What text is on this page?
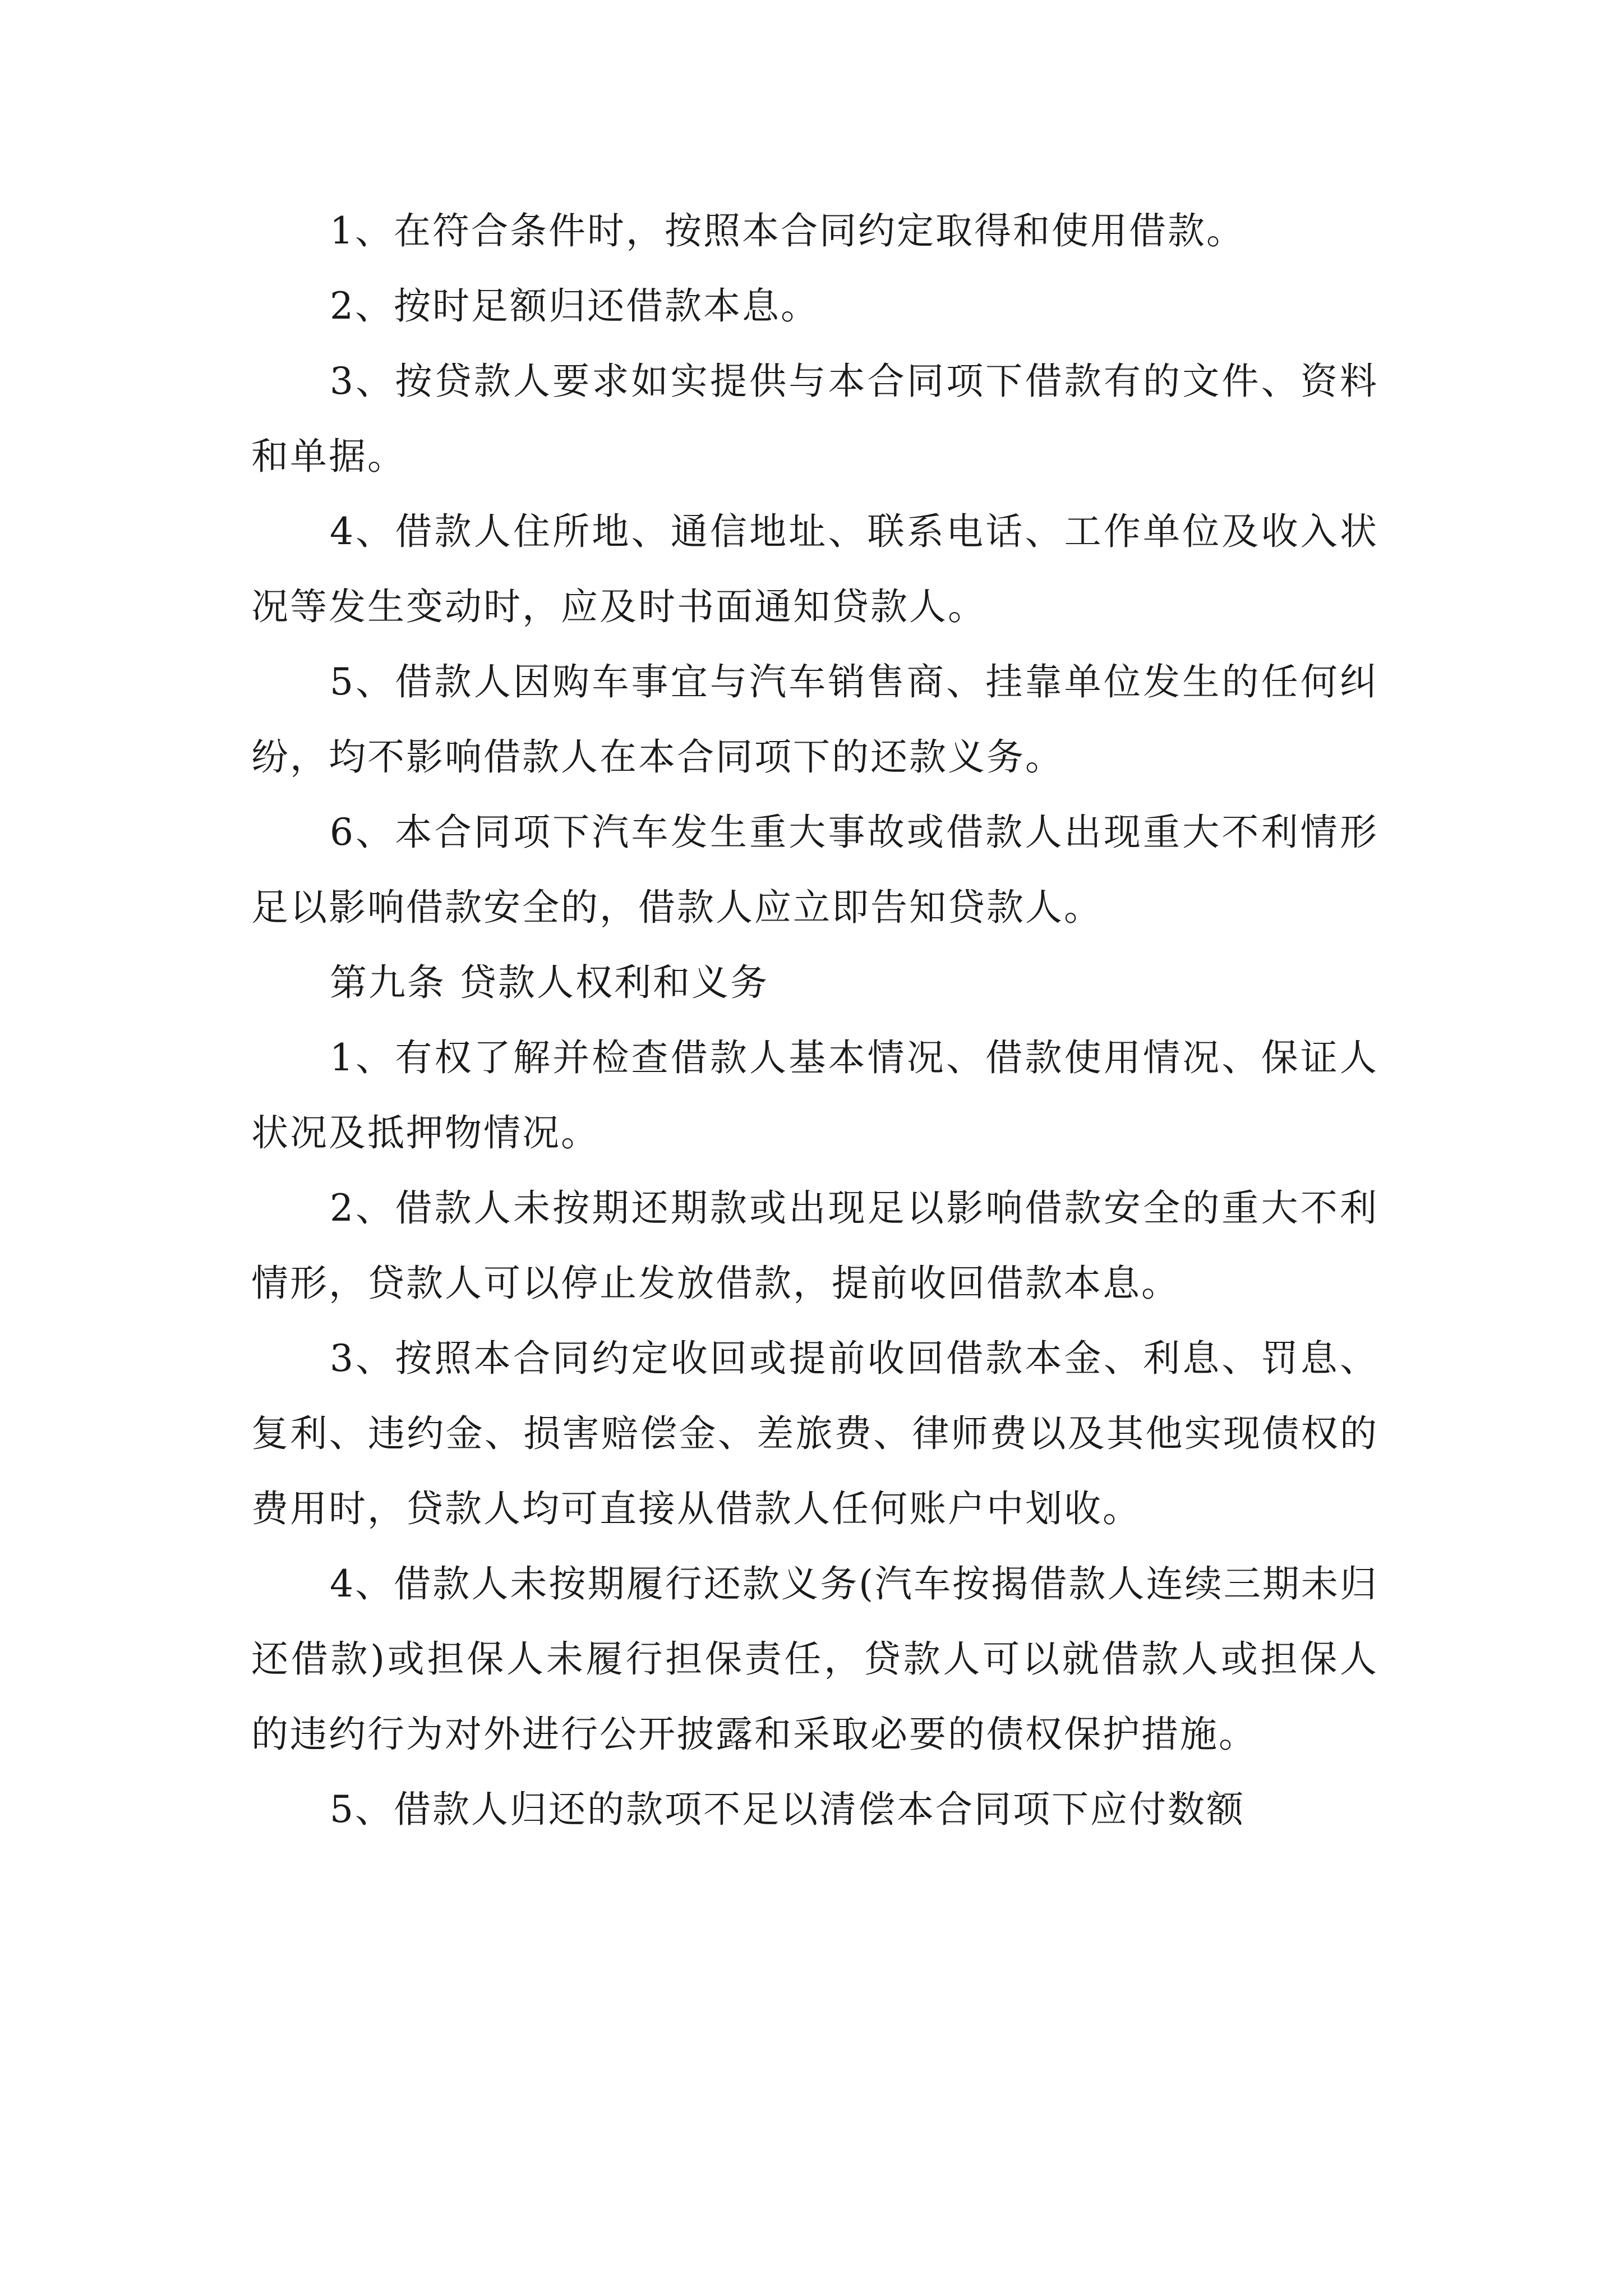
1、在符合条件时，按照本合同约定取得和使用借款。

2、按时足额归还借款本息。

3、按贷款人要求如实提供与本合同项下借款有的文件、资料和单据。

4、借款人住所地、通信地址、联系电话、工作单位及收入状况等发生变动时，应及时书面通知贷款人。

5、借款人因购车事宜与汽车销售商、挂靠单位发生的任何纠纷，均不影响借款人在本合同项下的还款义务。

6、本合同项下汽车发生重大事故或借款人出现重大不利情形足以影响借款安全的，借款人应立即告知贷款人。

第九条 贷款人权利和义务

1、有权了解并检查借款人基本情况、借款使用情况、保证人状况及抵押物情况。

2、借款人未按期还期款或出现足以影响借款安全的重大不利情形，贷款人可以停止发放借款，提前收回借款本息。

3、按照本合同约定收回或提前收回借款本金、利息、罚息、复利、违约金、损害赔偿金、差旅费、律师费以及其他实现债权的费用时，贷款人均可直接从借款人任何账户中划收。

4、借款人未按期履行还款义务(汽车按揭借款人连续三期未归还借款)或担保人未履行担保责任，贷款人可以就借款人或担保人的违约行为对外进行公开披露和采取必要的债权保护措施。

5、借款人归还的款项不足以清偿本合同项下应付数额
